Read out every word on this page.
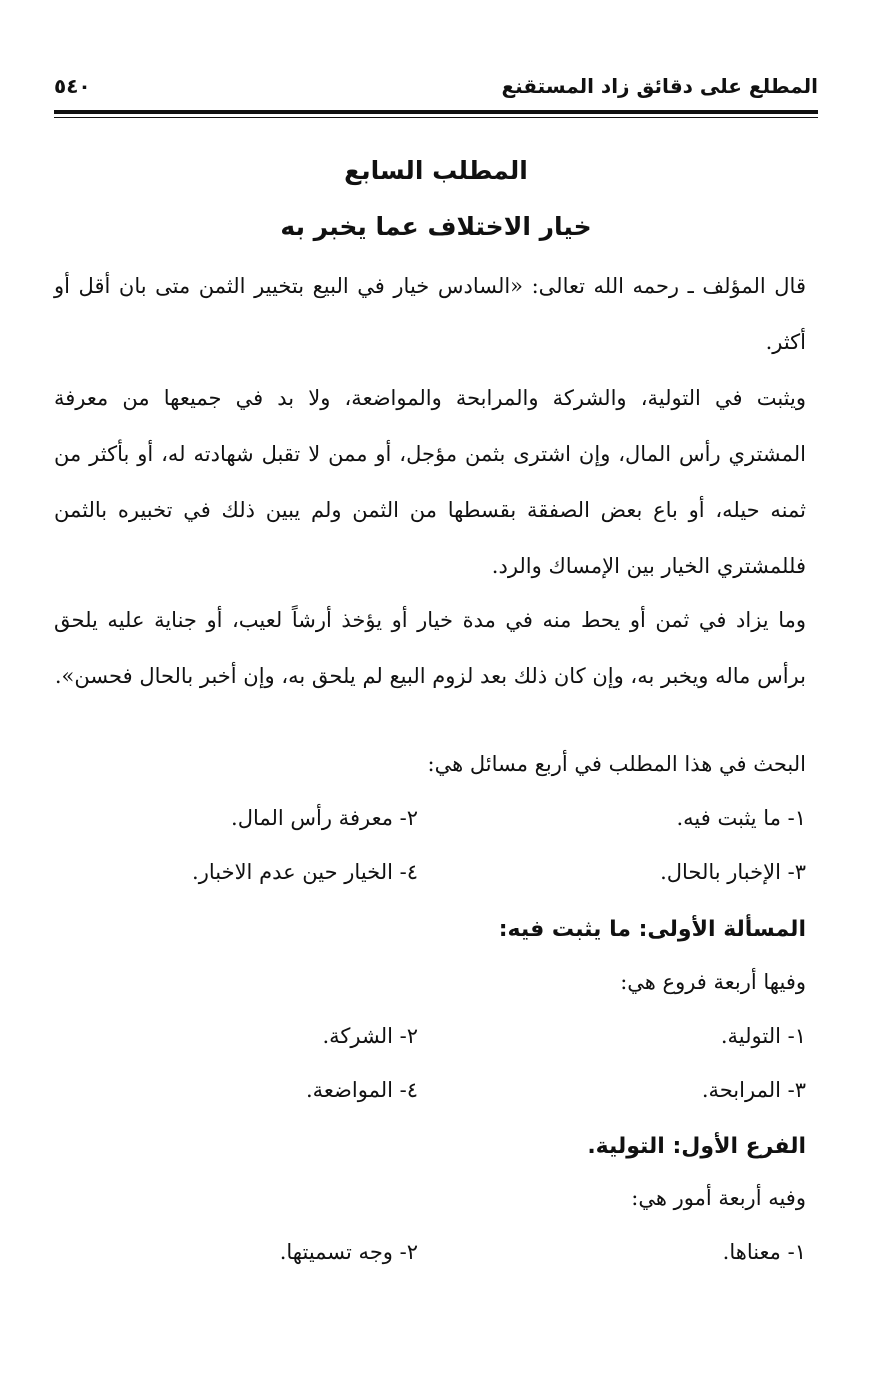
المطلع على دقائق زاد المستقنع
٥٤٠
المطلب السابع
خيار الاختلاف عما يخبر به
قال المؤلف ـ رحمه الله تعالى: «السادس خيار في البيع بتخيير الثمن متى بان أقل أو أكثر.
ويثبت في التولية، والشركة والمرابحة والمواضعة، ولا بد في جميعها من معرفة المشتري رأس المال، وإن اشترى بثمن مؤجل، أو ممن لا تقبل شهادته له، أو بأكثر من ثمنه حيله، أو باع بعض الصفقة بقسطها من الثمن ولم يبين ذلك في تخبيره بالثمن فللمشتري الخيار بين الإمساك والرد.
وما يزاد في ثمن أو يحط منه في مدة خيار أو يؤخذ أرشاً لعيب، أو جناية عليه يلحق برأس ماله ويخبر به، وإن كان ذلك بعد لزوم البيع لم يلحق به، وإن أخبر بالحال فحسن».
البحث في هذا المطلب في أربع مسائل هي:
١- ما يثبت فيه.
٢- معرفة رأس المال.
٣- الإخبار بالحال.
٤- الخيار حين عدم الاخبار.
المسألة الأولى: ما يثبت فيه:
وفيها أربعة فروع هي:
١- التولية.
٢- الشركة.
٣- المرابحة.
٤- المواضعة.
الفرع الأول: التولية.
وفيه أربعة أمور هي:
١- معناها.
٢- وجه تسميتها.
